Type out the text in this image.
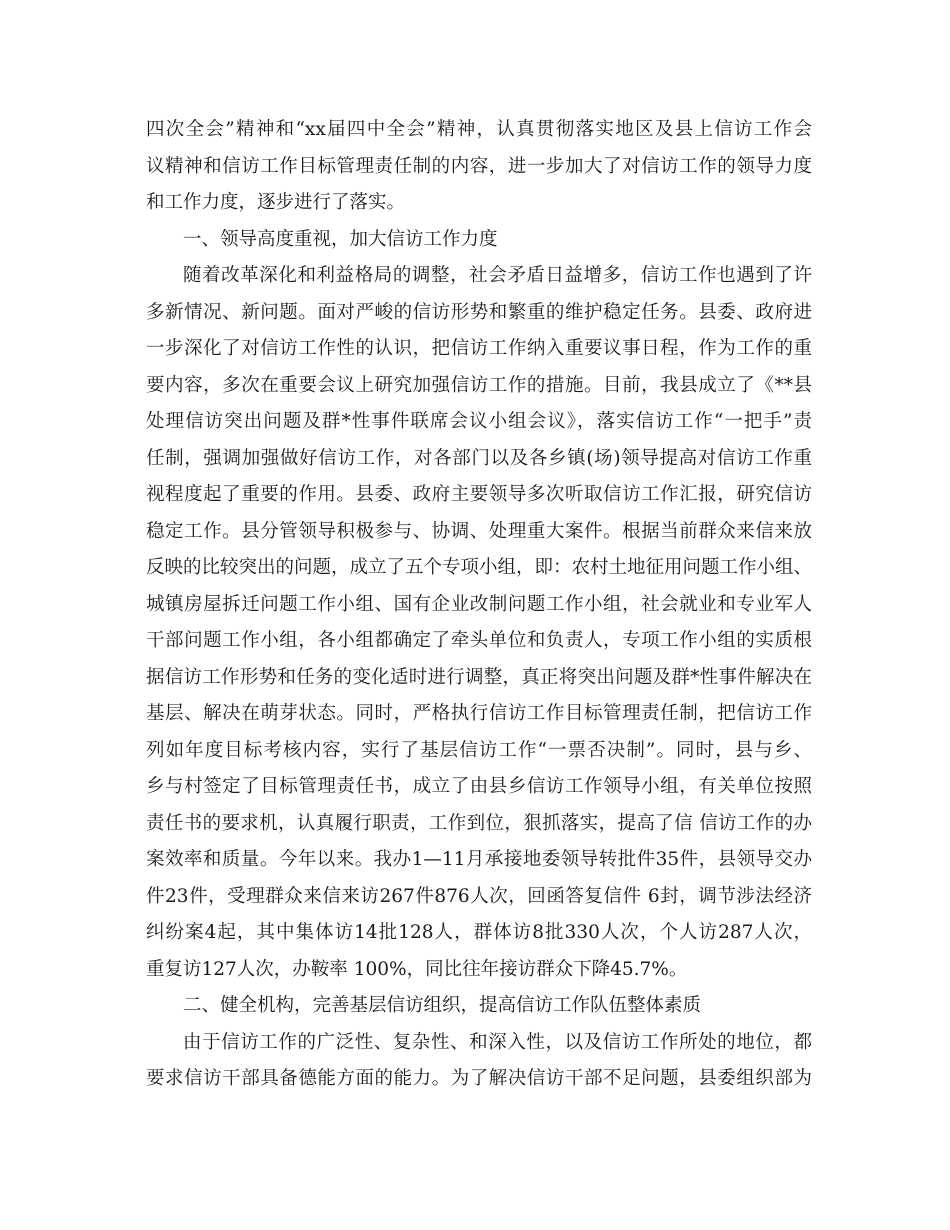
四次全会”精神和“xx届四中全会”精神，认真贯彻落实地区及县上信访工作会
议精神和信访工作目标管理责任制的内容，进一步加大了对信访工作的领导力度
和工作力度，逐步进行了落实。
一、领导高度重视，加大信访工作力度
随着改革深化和利益格局的调整，社会矛盾日益增多，信访工作也遇到了许
多新情况、新问题。面对严峻的信访形势和繁重的维护稳定任务。县委、政府进
一步深化了对信访工作性的认识，把信访工作纳入重要议事日程，作为工作的重
要内容，多次在重要会议上研究加强信访工作的措施。目前，我县成立了《**县
处理信访突出问题及群*性事件联席会议小组会议》，落实信访工作“一把手”责
任制，强调加强做好信访工作，对各部门以及各乡镇(场)领导提高对信访工作重
视程度起了重要的作用。县委、政府主要领导多次听取信访工作汇报，研究信访
稳定工作。县分管领导积极参与、协调、处理重大案件。根据当前群众来信来放
反映的比较突出的问题，成立了五个专项小组，即：农村土地征用问题工作小组、
城镇房屋拆迁问题工作小组、国有企业改制问题工作小组，社会就业和专业军人
干部问题工作小组，各小组都确定了牵头单位和负责人，专项工作小组的实质根
据信访工作形势和任务的变化适时进行调整，真正将突出问题及群*性事件解决在
基层、解决在萌芽状态。同时，严格执行信访工作目标管理责任制，把信访工作
列如年度目标考核内容，实行了基层信访工作“一票否决制”。同时，县与乡、
乡与村签定了目标管理责任书，成立了由县乡信访工作领导小组，有关单位按照
责任书的要求机，认真履行职责，工作到位，狠抓落实，提高了信 信访工作的办
案效率和质量。今年以来。我办1—11月承接地委领导转批件35件，县领导交办
件23件，受理群众来信来访267件876人次，回函答复信件 6封，调节涉法经济
纠纷案4起，其中集体访14批128人，群体访8批330人次，个人访287人次，
重复访127人次，办鞍率 100%，同比往年接访群众下降45.7%。
二、健全机构，完善基层信访组织，提高信访工作队伍整体素质
由于信访工作的广泛性、复杂性、和深入性，以及信访工作所处的地位，都
要求信访干部具备德能方面的能力。为了解决信访干部不足问题，县委组织部为
